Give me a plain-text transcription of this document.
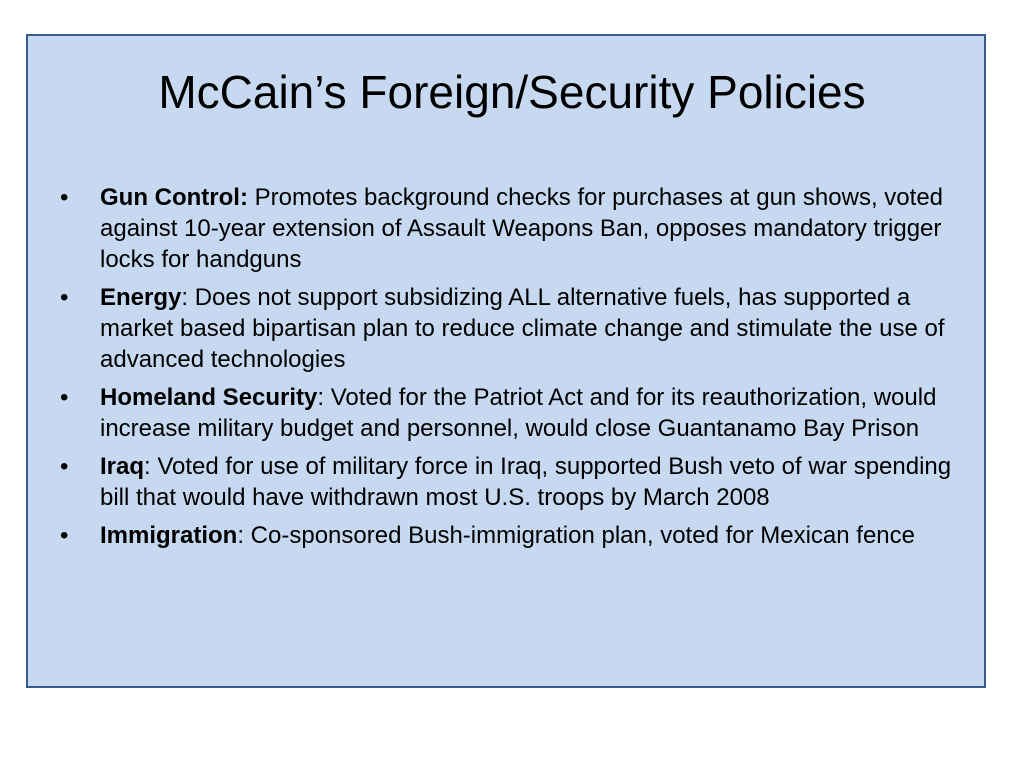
McCain’s Foreign/Security Policies
• Gun Control: Promotes background checks for purchases at gun shows, voted against 10-year extension of Assault Weapons Ban, opposes mandatory trigger locks for handguns
• Energy: Does not support subsidizing ALL alternative fuels, has supported a market based bipartisan plan to reduce climate change and stimulate the use of advanced technologies
• Homeland Security: Voted for the Patriot Act and for its reauthorization, would increase military budget and personnel, would close Guantanamo Bay Prison
• Iraq: Voted for use of military force in Iraq, supported Bush veto of war spending bill that would have withdrawn most U.S. troops by March 2008
• Immigration: Co-sponsored Bush-immigration plan, voted for Mexican fence
